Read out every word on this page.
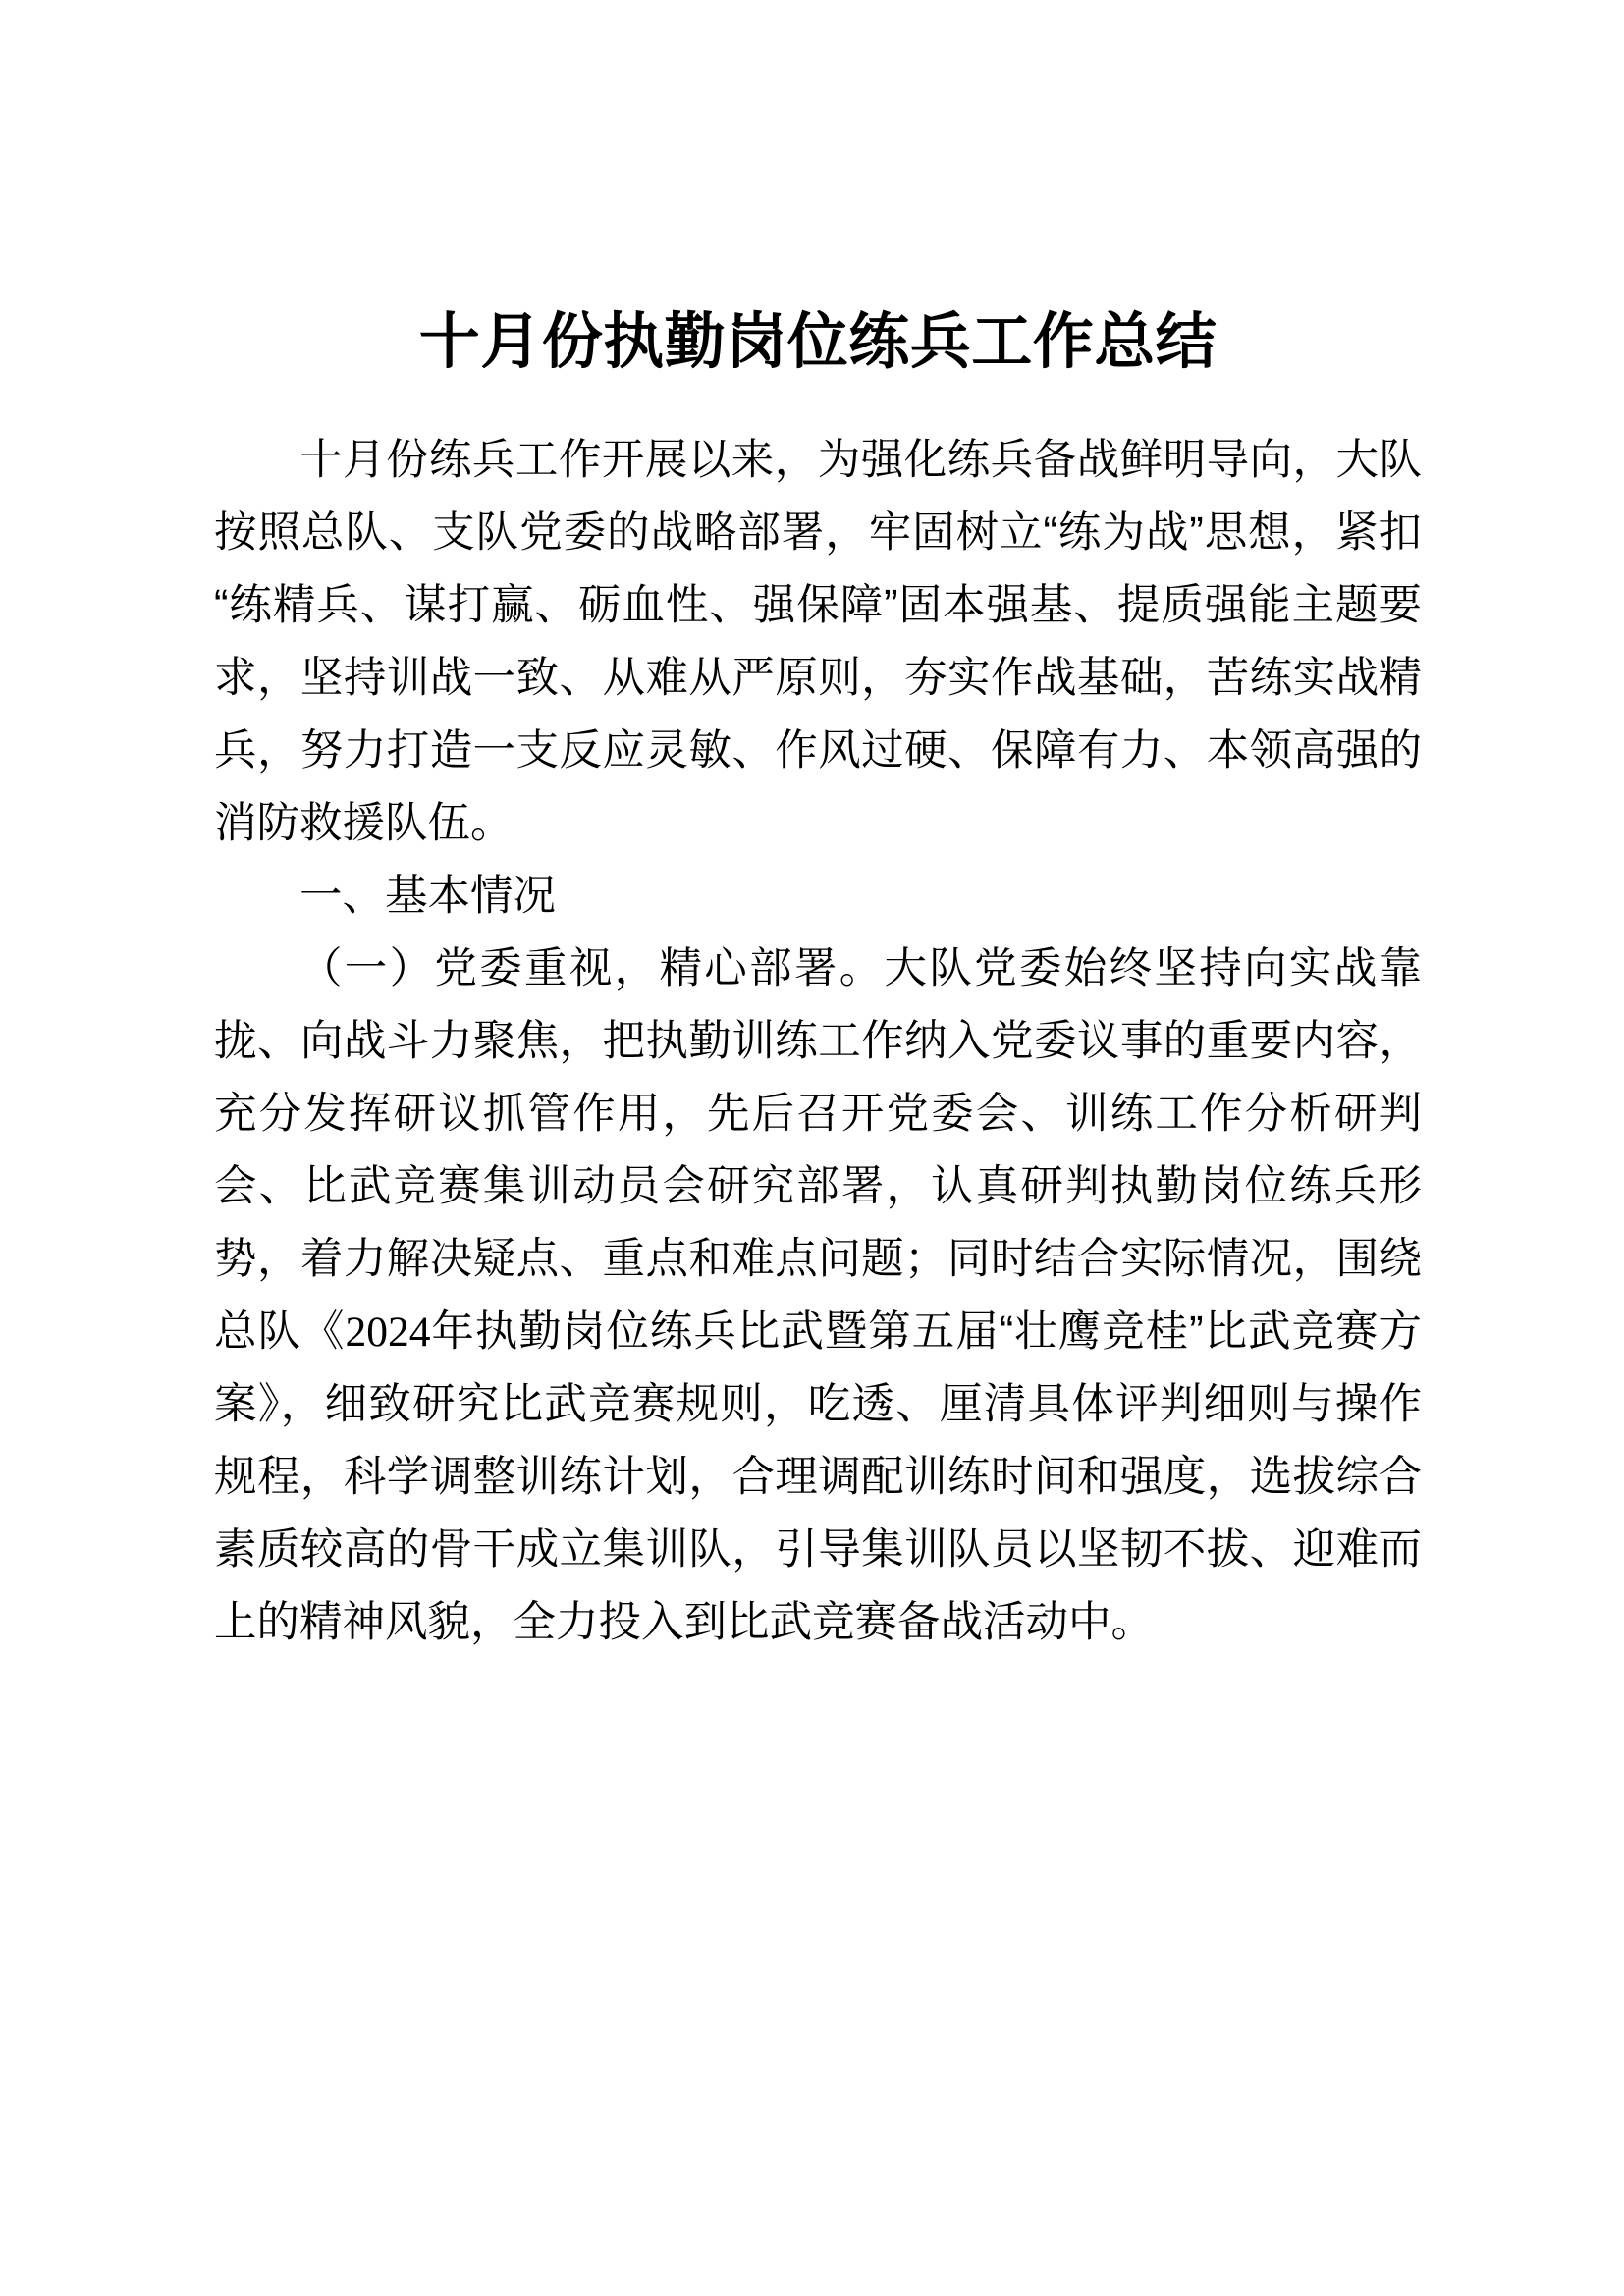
十月份执勤岗位练兵工作总结

十月份练兵工作开展以来，为强化练兵备战鲜明导向，大队按照总队、支队党委的战略部署，牢固树立“练为战”思想，紧扣“练精兵、谋打赢、砺血性、强保障”固本强基、提质强能主题要求，坚持训战一致、从难从严原则，夯实作战基础，苦练实战精兵，努力打造一支反应灵敏、作风过硬、保障有力、本领高强的消防救援队伍。

一、基本情况

（一）党委重视，精心部署。大队党委始终坚持向实战靠拢、向战斗力聚焦，把执勤训练工作纳入党委议事的重要内容，充分发挥研议抓管作用，先后召开党委会、训练工作分析研判会、比武竞赛集训动员会研究部署，认真研判执勤岗位练兵形势，着力解决疑点、重点和难点问题；同时结合实际情况，围绕总队《2024年执勤岗位练兵比武暨第五届“壮鹰竞桂”比武竞赛方案》，细致研究比武竞赛规则，吃透、厘清具体评判细则与操作规程，科学调整训练计划，合理调配训练时间和强度，选拔综合素质较高的骨干成立集训队，引导集训队员以坚韧不拔、迎难而上的精神风貌，全力投入到比武竞赛备战活动中。
